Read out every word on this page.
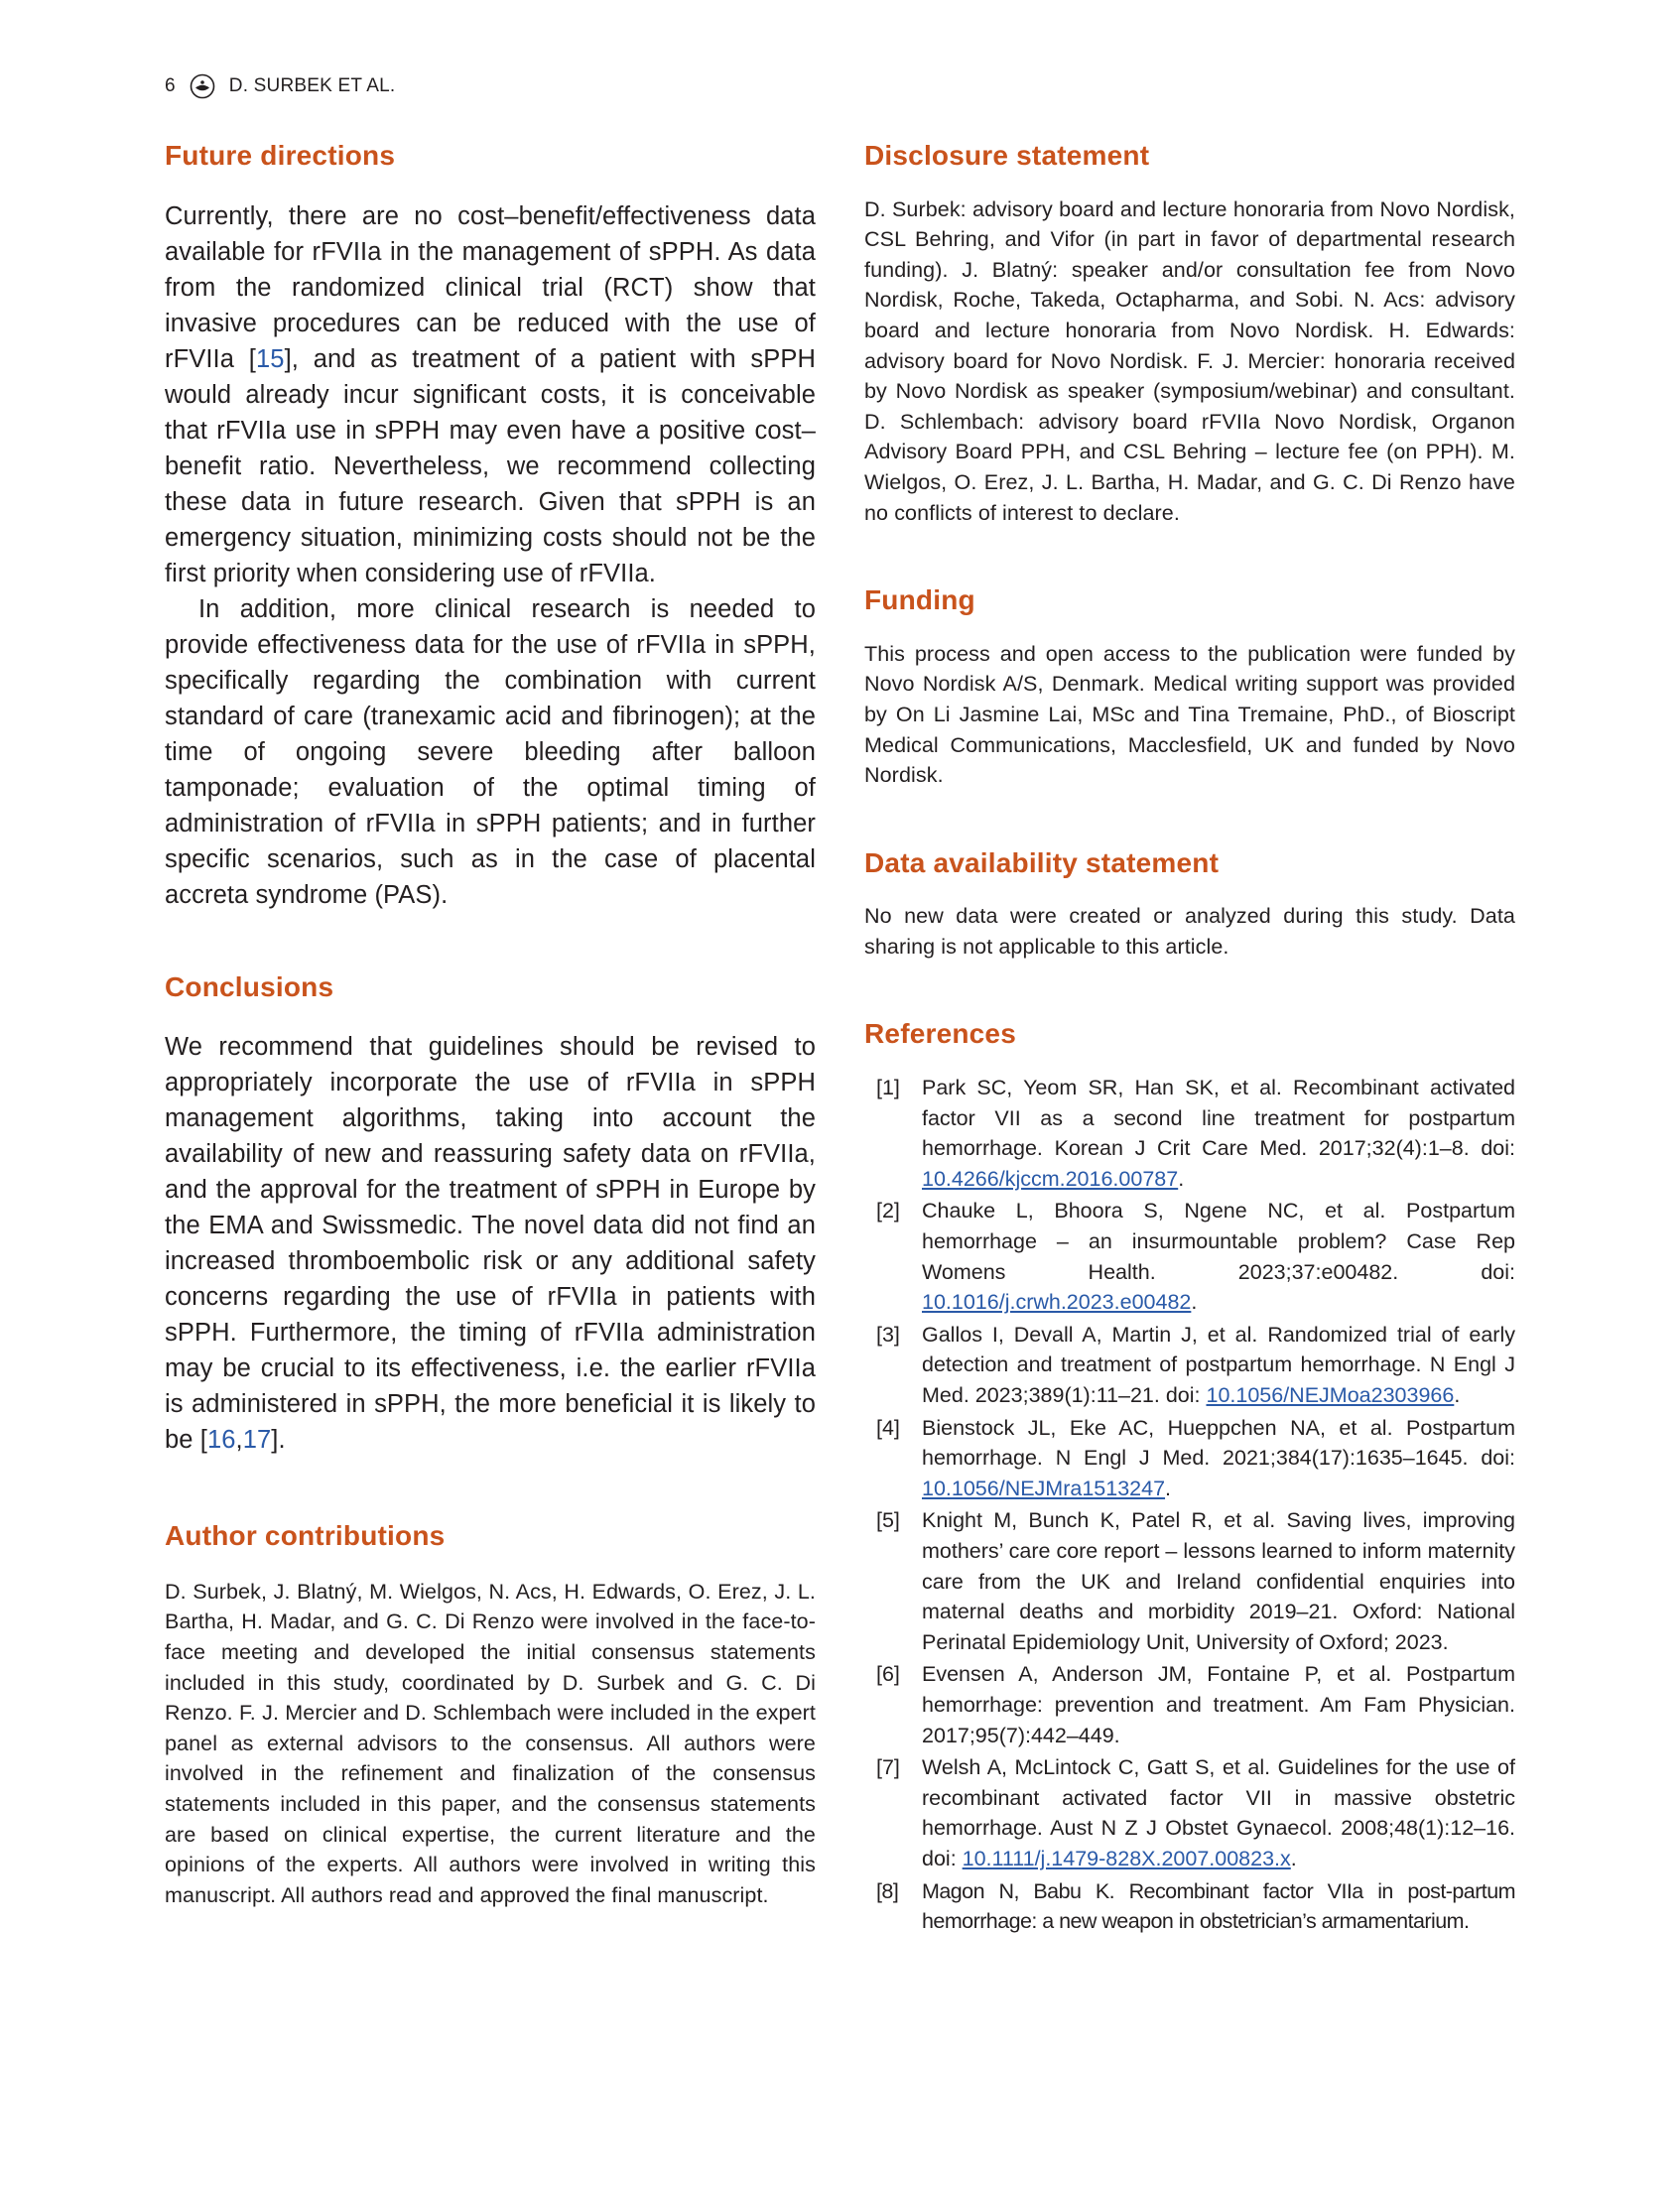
6	D. SURBEK ET AL.
Future directions

Currently, there are no cost–benefit/effectiveness data available for rFVIIa in the management of sPPH. As data from the randomized clinical trial (RCT) show that invasive procedures can be reduced with the use of rFVIIa [15], and as treatment of a patient with sPPH would already incur significant costs, it is conceivable that rFVIIa use in sPPH may even have a positive cost–benefit ratio. Nevertheless, we recommend collecting these data in future research. Given that sPPH is an emergency situation, minimizing costs should not be the first priority when considering use of rFVIIa.

In addition, more clinical research is needed to provide effectiveness data for the use of rFVIIa in sPPH, specifically regarding the combination with current standard of care (tranexamic acid and fibrinogen); at the time of ongoing severe bleeding after balloon tamponade; evaluation of the optimal timing of administration of rFVIIa in sPPH patients; and in further specific scenarios, such as in the case of placental accreta syndrome (PAS).

Conclusions

We recommend that guidelines should be revised to appropriately incorporate the use of rFVIIa in sPPH management algorithms, taking into account the availability of new and reassuring safety data on rFVIIa, and the approval for the treatment of sPPH in Europe by the EMA and Swissmedic. The novel data did not find an increased thromboembolic risk or any additional safety concerns regarding the use of rFVIIa in patients with sPPH. Furthermore, the timing of rFVIIa administration may be crucial to its effectiveness, i.e. the earlier rFVIIa is administered in sPPH, the more beneficial it is likely to be [16,17].

Author contributions

D. Surbek, J. Blatný, M. Wielgos, N. Acs, H. Edwards, O. Erez, J. L. Bartha, H. Madar, and G. C. Di Renzo were involved in the face-to-face meeting and developed the initial consensus statements included in this study, coordinated by D. Surbek and G. C. Di Renzo. F. J. Mercier and D. Schlembach were included in the expert panel as external advisors to the consensus. All authors were involved in the refinement and finalization of the consensus statements included in this paper, and the consensus statements are based on clinical expertise, the current literature and the opinions of the experts. All authors were involved in writing this manuscript. All authors read and approved the final manuscript.

Disclosure statement

D. Surbek: advisory board and lecture honoraria from Novo Nordisk, CSL Behring, and Vifor (in part in favor of departmental research funding). J. Blatný: speaker and/or consultation fee from Novo Nordisk, Roche, Takeda, Octapharma, and Sobi. N. Acs: advisory board and lecture honoraria from Novo Nordisk. H. Edwards: advisory board for Novo Nordisk. F. J. Mercier: honoraria received by Novo Nordisk as speaker (symposium/webinar) and consultant. D. Schlembach: advisory board rFVIIa Novo Nordisk, Organon Advisory Board PPH, and CSL Behring – lecture fee (on PPH). M. Wielgos, O. Erez, J. L. Bartha, H. Madar, and G. C. Di Renzo have no conflicts of interest to declare.

Funding

This process and open access to the publication were funded by Novo Nordisk A/S, Denmark. Medical writing support was provided by On Li Jasmine Lai, MSc and Tina Tremaine, PhD., of Bioscript Medical Communications, Macclesfield, UK and funded by Novo Nordisk.

Data availability statement

No new data were created or analyzed during this study. Data sharing is not applicable to this article.

References
[1] Park SC, Yeom SR, Han SK, et al. Recombinant activated factor VII as a second line treatment for postpartum hemorrhage. Korean J Crit Care Med. 2017;32(4):1–8. doi: 10.4266/kjccm.2016.00787.
[2] Chauke L, Bhoora S, Ngene NC, et al. Postpartum hemorrhage – an insurmountable problem? Case Rep Womens Health. 2023;37:e00482. doi: 10.1016/j.crwh.2023.e00482.
[3] Gallos I, Devall A, Martin J, et al. Randomized trial of early detection and treatment of postpartum hemorrhage. N Engl J Med. 2023;389(1):11–21. doi: 10.1056/NEJMoa2303966.
[4] Bienstock JL, Eke AC, Hueppchen NA, et al. Postpartum hemorrhage. N Engl J Med. 2021;384(17):1635–1645. doi: 10.1056/NEJMra1513247.
[5] Knight M, Bunch K, Patel R, et al. Saving lives, improving mothers’ care core report – lessons learned to inform maternity care from the UK and Ireland confidential enquiries into maternal deaths and morbidity 2019–21. Oxford: National Perinatal Epidemiology Unit, University of Oxford; 2023.
[6] Evensen A, Anderson JM, Fontaine P, et al. Postpartum hemorrhage: prevention and treatment. Am Fam Physician. 2017;95(7):442–449.
[7] Welsh A, McLintock C, Gatt S, et al. Guidelines for the use of recombinant activated factor VII in massive obstetric hemorrhage. Aust N Z J Obstet Gynaecol. 2008;48(1):12–16. doi: 10.1111/j.1479-828X.2007.00823.x.
[8] Magon N, Babu K. Recombinant factor VIIa in post-partum hemorrhage: a new weapon in obstetrician’s armamentarium.
